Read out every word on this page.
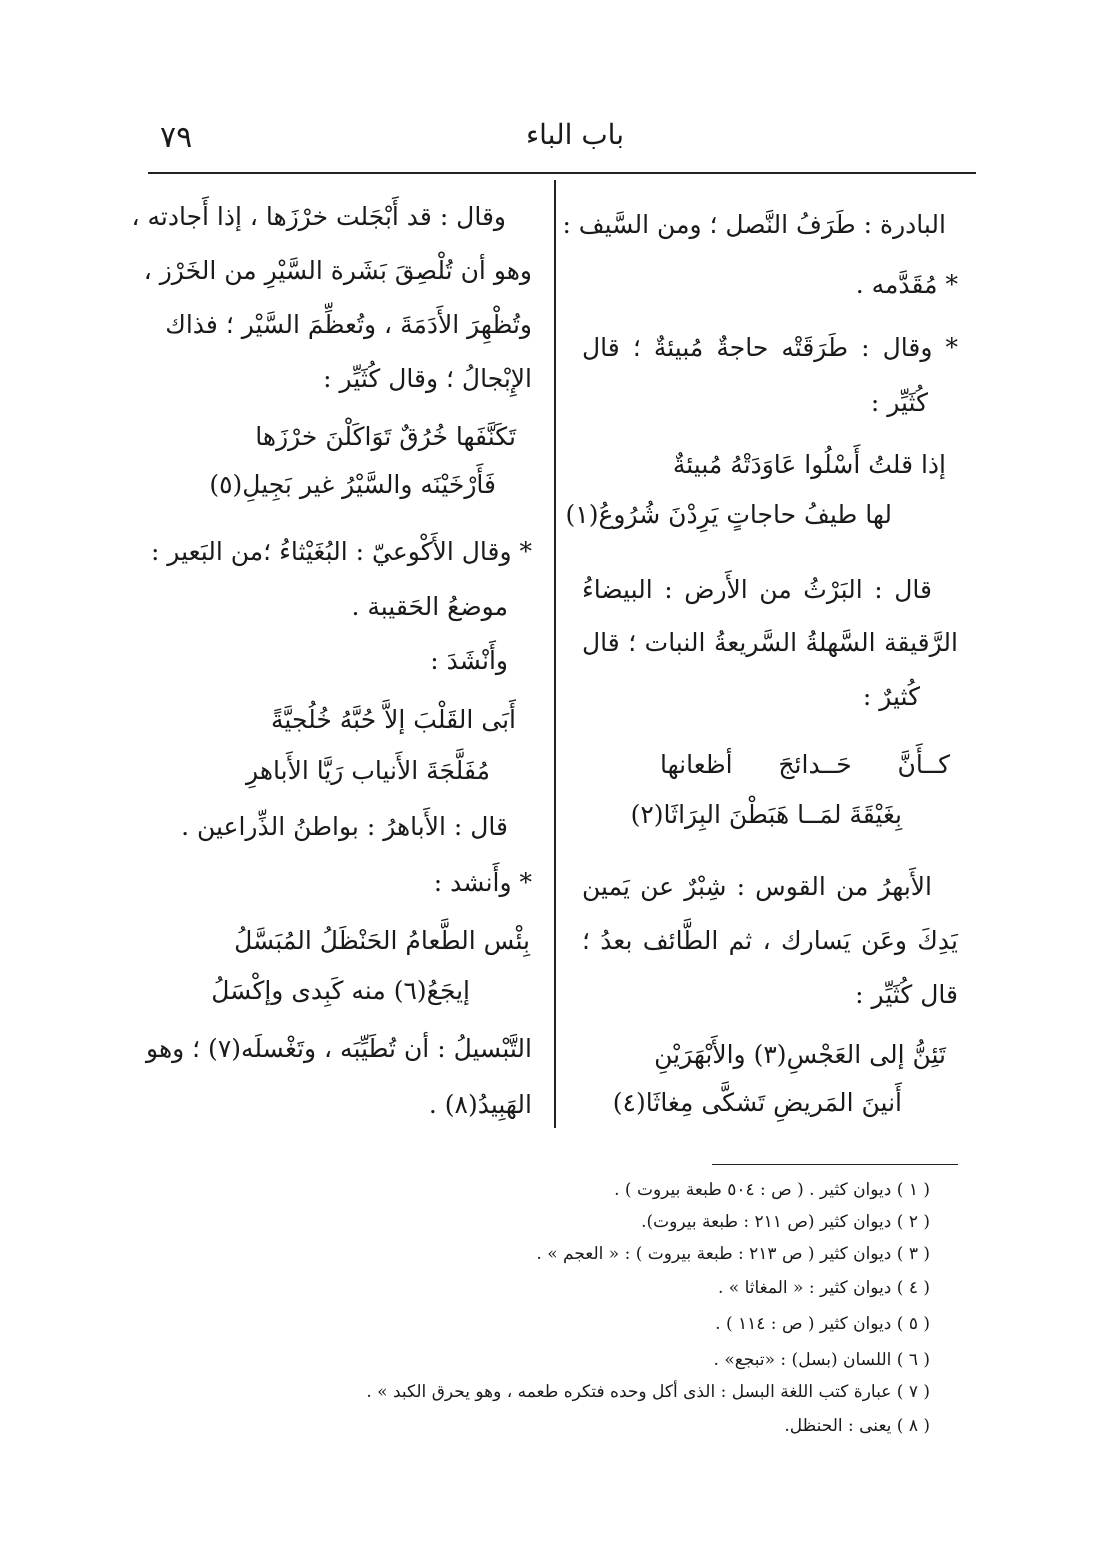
٧٩	باب الباء
البادرة : طَرَفُ النَّصل ؛ ومن السَّيف :
* مُقَدَّمه .
* وقال : طَرَقَتْه حاجةٌ مُبيئةٌ ؛ قال
كُثَيِّر :
إذا قلتُ أَسْلُوا عَاوَدَتْهُ مُبيئةٌ
لها طيفُ حاجاتٍ يَرِدْنَ شُرُوعُ(١)
قال : البَرْثُ من الأَرض : البيضاءُ
الرَّقيقة السَّهلةُ السَّريعةُ النبات ؛ قال
كُثيرٌ :
كــأَنَّ حَــدائجَ أظعانها
بِغَيْقَةَ لمَــا هَبَطْنَ البِرَاثَا(٢)
الأَبهرُ من القوس : شِبْرٌ عن يَمين
يَدِكَ وعَن يَسارك ، ثم الطَّائف بعدُ ؛
قال كُثَيِّر :
تَئِنُّ إلى العَجْسِ(٣) والأَبْهَرَيْنِ
أَنينَ المَريضِ تَشكَّى مِغاثَا(٤)
وقال : قد أَبْجَلت خرْزَها ، إذا أَجادته ،
وهو أن تُلْصِقَ بَشَرة السَّيْرِ من الخَرْز ،
وتُظْهِرَ الأَدَمَةَ ، وتُعظِّمَ السَّيْر ؛ فذاك
الإِبْجالُ ؛ وقال كُثَيِّر :
تَكَنَّفَها خُرُقٌ تَوَاكَلْنَ خرْزَها
فَأَرْخَيْنَه والسَّيْرُ غير بَجِيلِ(٥)
* وقال الأَكْوعيّ : البُغَيْثاءُ ؛من البَعير :
موضعُ الحَقيبة .
وأَنْشَدَ :
أَبَى القَلْبَ إلاَّ حُبَّهُ خُلُجيَّةً
مُفَلَّجَةَ الأَنياب رَيَّا الأَباهرِ
قال : الأَباهرُ : بواطنُ الذِّراعين .
* وأَنشد :
بِئْس الطَّعامُ الحَنْظَلُ المُبَسَّلُ
إيجَعُ(٦) منه كَبِدى وإكْسَلُ
التَّبْسيلُ : أن تُطَيِّبَه ، وتَغْسلَه(٧) ؛ وهو
الهَبِيدُ(٨) .
( ١ ) ديوان كثير . ( ص : ٥٠٤ طبعة بيروت ) .
( ٢ ) ديوان كثير (ص ٢١١ : طبعة بيروت).
( ٣ ) ديوان كثير ( ص ٢١٣ : طبعة بيروت ) : « العجم » .
( ٤ ) ديوان كثير : « المغاثا » .
( ٥ ) ديوان كثير ( ص : ١١٤ ) .
( ٦ ) اللسان (بسل) : «تبجع» .
( ٧ ) عبارة كتب اللغة البسل : الذى أكل وحده فتكره طعمه ، وهو يحرق الكبد » .
( ٨ ) يعنى : الحنظل.
